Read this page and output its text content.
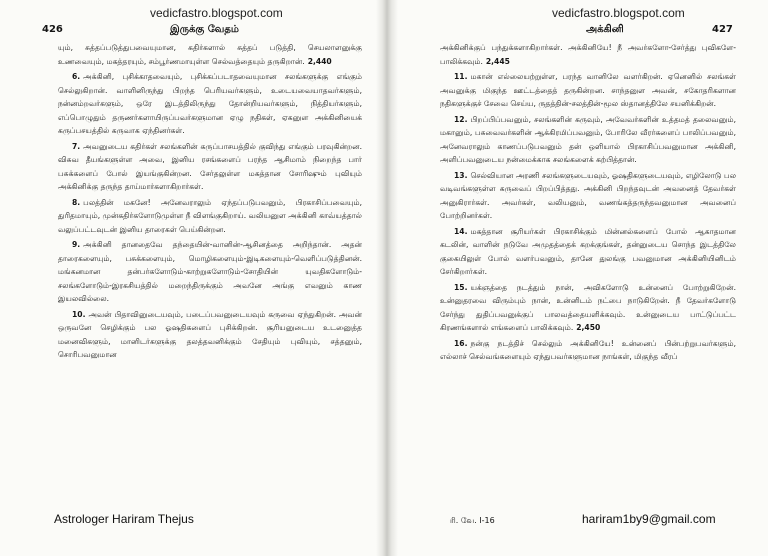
vedicfastro.blogspot.com	vedicfastro.blogspot.com
426	இருக்கு வேதம்	அக்கினி	427
யும், சுத்தப்படுத்துபவையுமான, கதிர்களால் சுத்தப் படுத்தி, செயலாளனுக்கு உணவையும், மகத்தரயும், சம்பூர்ணமாயுள்ள செல்வத்தையும் தருகிறான். 2,440
6. அக்கினி, புசிக்காதவையும், புசிக்கப்படாதவையுமான சலங்களுக்கு எங்கும் செல்லுகிறான். வாளினிருந்து பிறந்த பெரியவர்களும், உடையவையாதவர்களும், நன்னம்றவர்களும், ஒரே இடத்திலிருந்து தோன்றியவர்களும், நித்தியர்களும், எப்பொழுதும் தருணர்களாயிருப்பவர்களுமான ஏழு நதிகள், ஏகனுள அக்கினியைக் கருப்பசயத்தில் கருவாக ஏந்தினர்கள்.
7. அவனுடைய கதிர்கள் சலங்களின் கருப்பாசயத்தில் குவிந்து எங்கும் பரவுகின்றன. விசுவ தீயங்களுள்ள அவை, இனிய ரசங்களைப் பரந்த ஆசிமாம் நிறைந்த பார் பசுக்களைப் போல் இயங்குகின்றன. சேர்தலுள்ள மகத்தான சோரிஷும் புவியும் அக்கினிக்கு தருந்த தாய்மார்களாகிறார்கள்.
8. பலத்தின் மகனே! அனேவராலும் ஏந்தப்படுபவனும், பிரகாசிப்பவையும், துரிதமாயும், முன்கதிர்களோடுமுள்ள நீ விளங்குகிறாய். வலியனுள அக்கினி காவ்யத்தால் வலுப்பட்டவுடன் இனிய தாரைகள் பெய்கின்றன.
9. அக்கினி தானதைவே தந்தையின்-வானின்-ஆசினத்தை அறிந்தான். அதன் தாரைகளையும், பசுக்களையும், மொழிகளையும்-இடிகளையும்-வெளிப்படுத்தினன். மங்கனமான தன்பர்களோடும்-காற்றுகளோடும்-சோதியின் யுவதிகளோடும்-சலங்களோடும்-இரகசியத்தில் மறைந்திருக்கும் அவனே அங்கு எவனும் காண இயலவில்லை.
10. அவன் பிதாவினுடையவும், படைப்பவனுடையவும் கருவை ஏந்துகிறன். அவன் ஒருவனே செழிக்கும் பல ஓஷதிகளைப் புசிக்கிறன். சூரியனுடைய உடனுைத்த மனைவிகளும், மானிடர்களுக்கு தலத்தவனிக்கும் சேதியும் புவியும், சத்தனும், சொரிபவனுமான
அக்கினிக்குப் பந்துக்களாகிறார்கள். அக்கினியே! நீ அவர்களோ-சேர்த்து புவிகளே-பாலிக்கவும். 2,445
11. மகான் எல்லையற்றுள்ள, பரந்த வானிலே வளர்கிறன். ஏனெனில் சலங்கள் அவனுக்கு மிகுந்த ஊட்டத்தைத் தருகின்றன. சாந்தனுள அவன், சகோதரிகளான நதிகளுக்குச் சேவை செய்ய, ருதத்தின்-சலத்தின்-மூல ஸ்தானத்திலே சயனிக்கிறன்.
12. பிறப்பிப்பவனும், சலங்களின் கருவும், அவேவர்களின் உத்தமத் தலைவனும், மகானும், பசுவைவர்களின் ஆக்கிரமிப்பவனும், போரிலே வீரர்களைப் பாலிப்பவனும், அனேவராலும் காணப்படுபவனும் தன் ஒளியால் பிரகாசிப்பவனுமான அக்கினி, அளிப்பவனுடைய நன்மைக்காக சலங்களைக் கற்பித்தான்.
13. செல்வியான அரணி சலங்களுடையவும், ஓஷதிகளுடையவும், எழிலோடு பல வடிவங்களுள்ள கருவைப் பிறப்பித்தது. அக்கினி பிறந்தவுடன் அவனைத் தேவர்கள் அனுகிரார்கள். அவர்கள், வலியனும், வணங்கத்தருந்தவனுமான அவனைப் போற்றினர்கள்.
14. மகத்தான சூரியர்கள் பிரகாசிக்கும் மின்னல்களைப் போல் ஆகாதமான கடலின், வாளின் நடுவே அமுதத்தைக் கறக்குங்கள், தன்னுடைய சொந்த இடத்திலே குகையிலுள் போல் வளர்பவனும், தானே துலங்கு பவனுமான அக்கினியினிடம் சேர்கிறார்கள்.
15. யக்ஞத்தை நடத்தும் நான், அவிகளோடு உன்னைப் போற்றுகிறேன். உன்னுதரவை விரும்பும் நான், உன்னிடம் நட்பை நாடுகிறேன். நீ தேவர்களோடு சேர்ந்து துதிப்பவனுக்குப் பாலவத்தையளிக்கவும். உன்னுடைய பாட்டுப்பட்ட கிரணங்களால் எங்களைப் பாலிக்கவும். 2,450
16. நன்கு நடத்திச் செல்லும் அக்கினியே! உன்னைப் பின்பற்றுபவர்களும், எல்லாச் செல்வங்களையும் ஏந்துபவர்களுமான நாங்கள், மிகுந்த வீரப்
Astrologer Hariram Thejus	ரி. வே. I-16	hariram1by9@gmail.com
